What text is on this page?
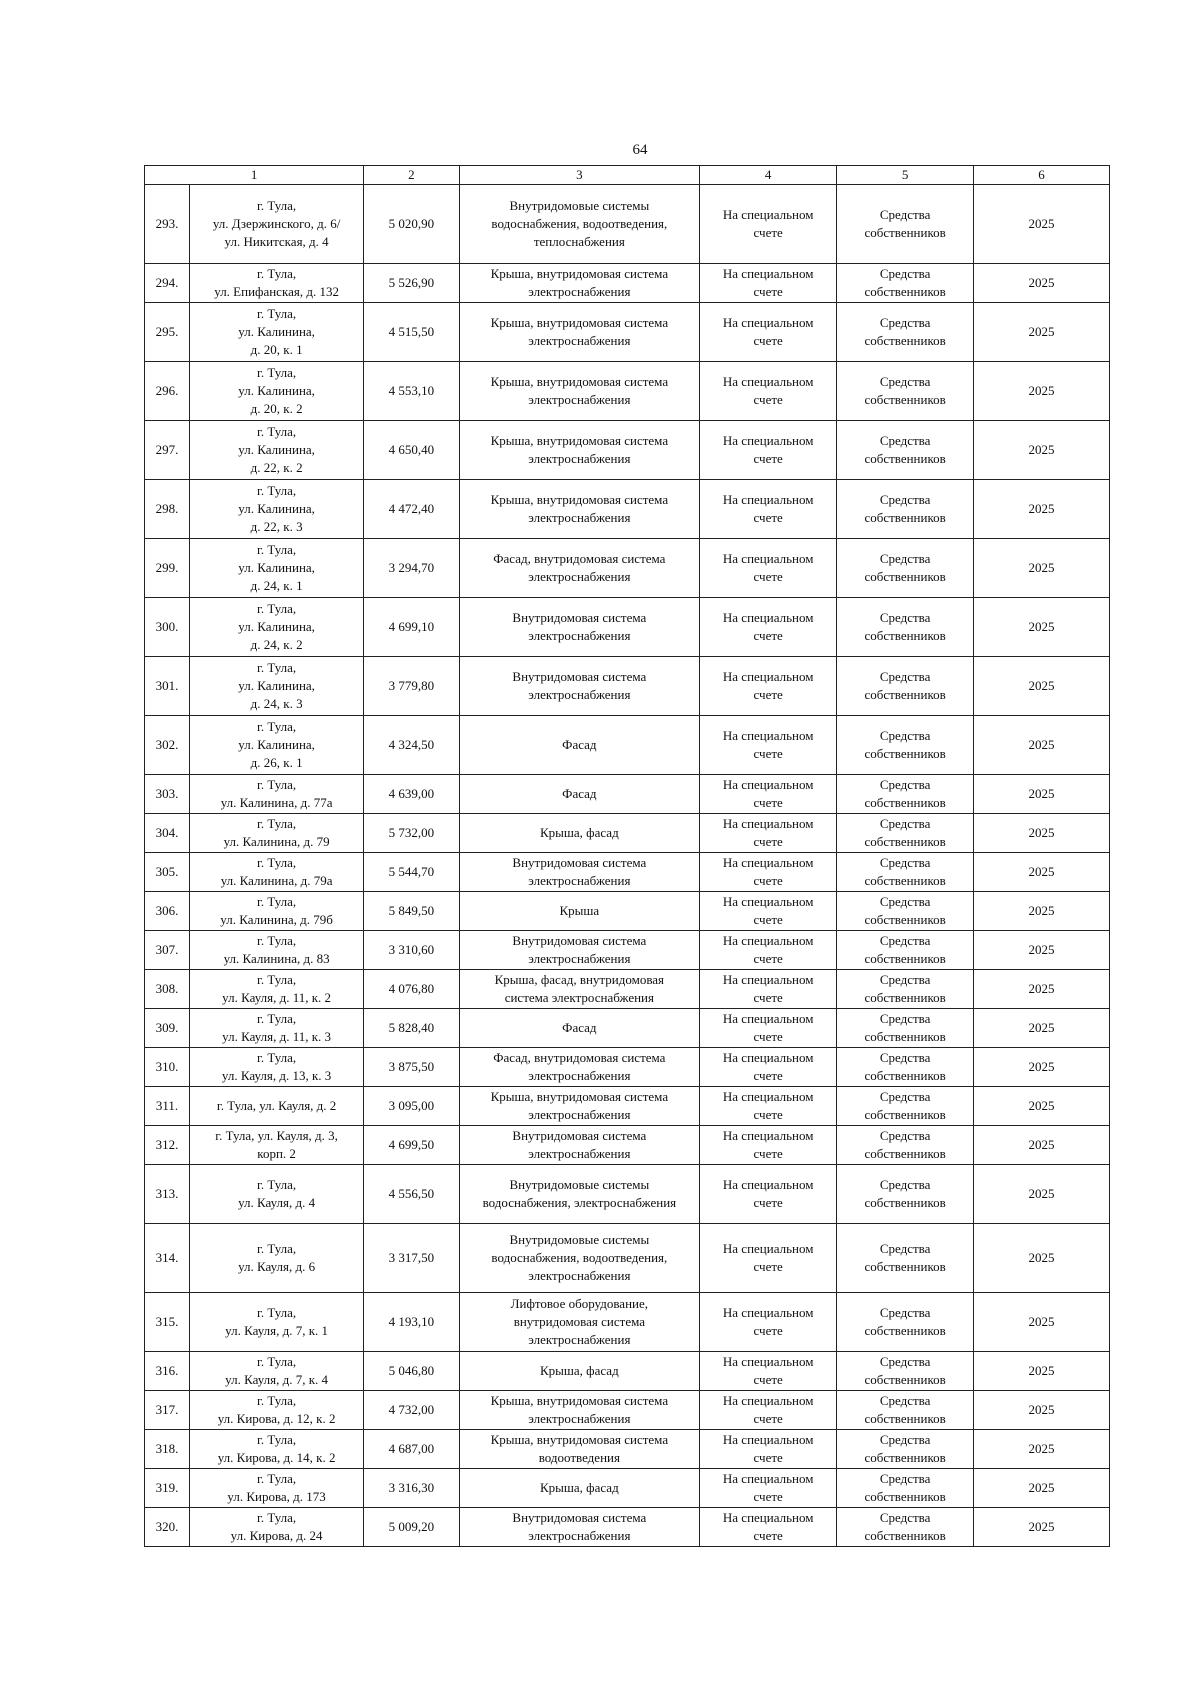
64
1		2	3	4	5	6
293.	г. Тула,
ул. Дзержинского, д. 6/
ул. Никитская, д. 4	5 020,90	Внутридомовые системы
водоснабжения, водоотведения,
теплоснабжения	На специальном
счете	Средства
собственников	2025
294.	г. Тула,
ул. Епифанская, д. 132	5 526,90	Крыша, внутридомовая система
электроснабжения	На специальном
счете	Средства
собственников	2025
295.	г. Тула,
ул. Калинина,
д. 20, к. 1	4 515,50	Крыша, внутридомовая система
электроснабжения	На специальном
счете	Средства
собственников	2025
296.	г. Тула,
ул. Калинина,
д. 20, к. 2	4 553,10	Крыша, внутридомовая система
электроснабжения	На специальном
счете	Средства
собственников	2025
297.	г. Тула,
ул. Калинина,
д. 22, к. 2	4 650,40	Крыша, внутридомовая система
электроснабжения	На специальном
счете	Средства
собственников	2025
298.	г. Тула,
ул. Калинина,
д. 22, к. 3	4 472,40	Крыша, внутридомовая система
электроснабжения	На специальном
счете	Средства
собственников	2025
299.	г. Тула,
ул. Калинина,
д. 24, к. 1	3 294,70	Фасад, внутридомовая система
электроснабжения	На специальном
счете	Средства
собственников	2025
300.	г. Тула,
ул. Калинина,
д. 24, к. 2	4 699,10	Внутридомовая система
электроснабжения	На специальном
счете	Средства
собственников	2025
301.	г. Тула,
ул. Калинина,
д. 24, к. 3	3 779,80	Внутридомовая система
электроснабжения	На специальном
счете	Средства
собственников	2025
302.	г. Тула,
ул. Калинина,
д. 26, к. 1	4 324,50	Фасад	На специальном
счете	Средства
собственников	2025
303.	г. Тула,
ул. Калинина, д. 77а	4 639,00	Фасад	На специальном
счете	Средства
собственников	2025
304.	г. Тула,
ул. Калинина, д. 79	5 732,00	Крыша, фасад	На специальном
счете	Средства
собственников	2025
305.	г. Тула,
ул. Калинина, д. 79а	5 544,70	Внутридомовая система
электроснабжения	На специальном
счете	Средства
собственников	2025
306.	г. Тула,
ул. Калинина, д. 79б	5 849,50	Крыша	На специальном
счете	Средства
собственников	2025
307.	г. Тула,
ул. Калинина, д. 83	3 310,60	Внутридомовая система
электроснабжения	На специальном
счете	Средства
собственников	2025
308.	г. Тула,
ул. Кауля, д. 11, к. 2	4 076,80	Крыша, фасад, внутридомовая
система электроснабжения	На специальном
счете	Средства
собственников	2025
309.	г. Тула,
ул. Кауля, д. 11, к. 3	5 828,40	Фасад	На специальном
счете	Средства
собственников	2025
310.	г. Тула,
ул. Кауля, д. 13, к. 3	3 875,50	Фасад, внутридомовая система
электроснабжения	На специальном
счете	Средства
собственников	2025
311.	г. Тула, ул. Кауля, д. 2	3 095,00	Крыша, внутридомовая система
электроснабжения	На специальном
счете	Средства
собственников	2025
312.	г. Тула, ул. Кауля, д. 3,
корп. 2	4 699,50	Внутридомовая система
электроснабжения	На специальном
счете	Средства
собственников	2025
313.	г. Тула,
ул. Кауля, д. 4	4 556,50	Внутридомовые системы
водоснабжения, электроснабжения	На специальном
счете	Средства
собственников	2025
314.	г. Тула,
ул. Кауля, д. 6	3 317,50	Внутридомовые системы
водоснабжения, водоотведения,
электроснабжения	На специальном
счете	Средства
собственников	2025
315.	г. Тула,
ул. Кауля, д. 7, к. 1	4 193,10	Лифтовое оборудование,
внутридомовая система
электроснабжения	На специальном
счете	Средства
собственников	2025
316.	г. Тула,
ул. Кауля, д. 7, к. 4	5 046,80	Крыша, фасад	На специальном
счете	Средства
собственников	2025
317.	г. Тула,
ул. Кирова, д. 12, к. 2	4 732,00	Крыша, внутридомовая система
электроснабжения	На специальном
счете	Средства
собственников	2025
318.	г. Тула,
ул. Кирова, д. 14, к. 2	4 687,00	Крыша, внутридомовая система
водоотведения	На специальном
счете	Средства
собственников	2025
319.	г. Тула,
ул. Кирова, д. 173	3 316,30	Крыша, фасад	На специальном
счете	Средства
собственников	2025
320.	г. Тула,
ул. Кирова, д. 24	5 009,20	Внутридомовая система
электроснабжения	На специальном
счете	Средства
собственников	2025
